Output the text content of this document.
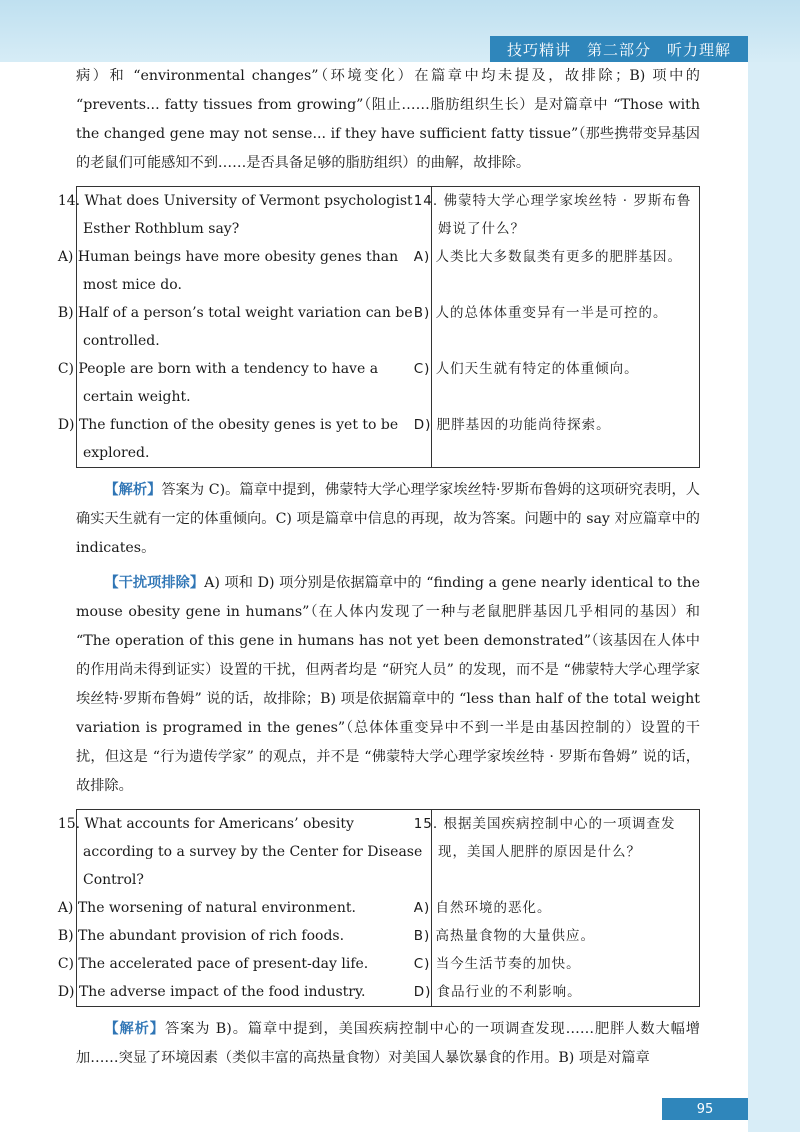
技巧精讲　第二部分　听力理解

病）和 “environmental changes”（环境变化）在篇章中均未提及，故排除；B) 项中的 “prevents... fatty tissues from growing”（阻止……脂肪组织生长）是对篇章中 “Those with the changed gene may not sense... if they have sufficient fatty tissue”（那些携带变异基因的老鼠们可能感知不到……是否具备足够的脂肪组织）的曲解，故排除。

14. What does University of Vermont psychologist Esther Rothblum say?	14. 佛蒙特大学心理学家埃丝特 · 罗斯布鲁姆说了什么？
A) Human beings have more obesity genes than most mice do.	A) 人类比大多数鼠类有更多的肥胖基因。
B) Half of a person’s total weight variation can be controlled.	B) 人的总体体重变异有一半是可控的。
C) People are born with a tendency to have a certain weight.	C) 人们天生就有特定的体重倾向。
D) The function of the obesity genes is yet to be explored.	D) 肥胖基因的功能尚待探索。

【解析】答案为 C)。篇章中提到，佛蒙特大学心理学家埃丝特·罗斯布鲁姆的这项研究表明，人确实天生就有一定的体重倾向。C) 项是篇章中信息的再现，故为答案。问题中的 say 对应篇章中的 indicates。

【干扰项排除】A) 项和 D) 项分别是依据篇章中的 “finding a gene nearly identical to the mouse obesity gene in humans”（在人体内发现了一种与老鼠肥胖基因几乎相同的基因）和 “The operation of this gene in humans has not yet been demonstrated”（该基因在人体中的作用尚未得到证实）设置的干扰，但两者均是 “研究人员” 的发现，而不是 “佛蒙特大学心理学家埃丝特·罗斯布鲁姆” 说的话，故排除；B) 项是依据篇章中的 “less than half of the total weight variation is programed in the genes”（总体体重变异中不到一半是由基因控制的）设置的干扰，但这是 “行为遗传学家” 的观点，并不是 “佛蒙特大学心理学家埃丝特 · 罗斯布鲁姆” 说的话，故排除。

15. What accounts for Americans’ obesity according to a survey by the Center for Disease Control?	15. 根据美国疾病控制中心的一项调查发现，美国人肥胖的原因是什么？
A) The worsening of natural environment.	A) 自然环境的恶化。
B) The abundant provision of rich foods.	B) 高热量食物的大量供应。
C) The accelerated pace of present-day life.	C) 当今生活节奏的加快。
D) The adverse impact of the food industry.	D) 食品行业的不利影响。

【解析】答案为 B)。篇章中提到，美国疾病控制中心的一项调查发现……肥胖人数大幅增加……突显了环境因素（类似丰富的高热量食物）对美国人暴饮暴食的作用。B) 项是对篇章

95
